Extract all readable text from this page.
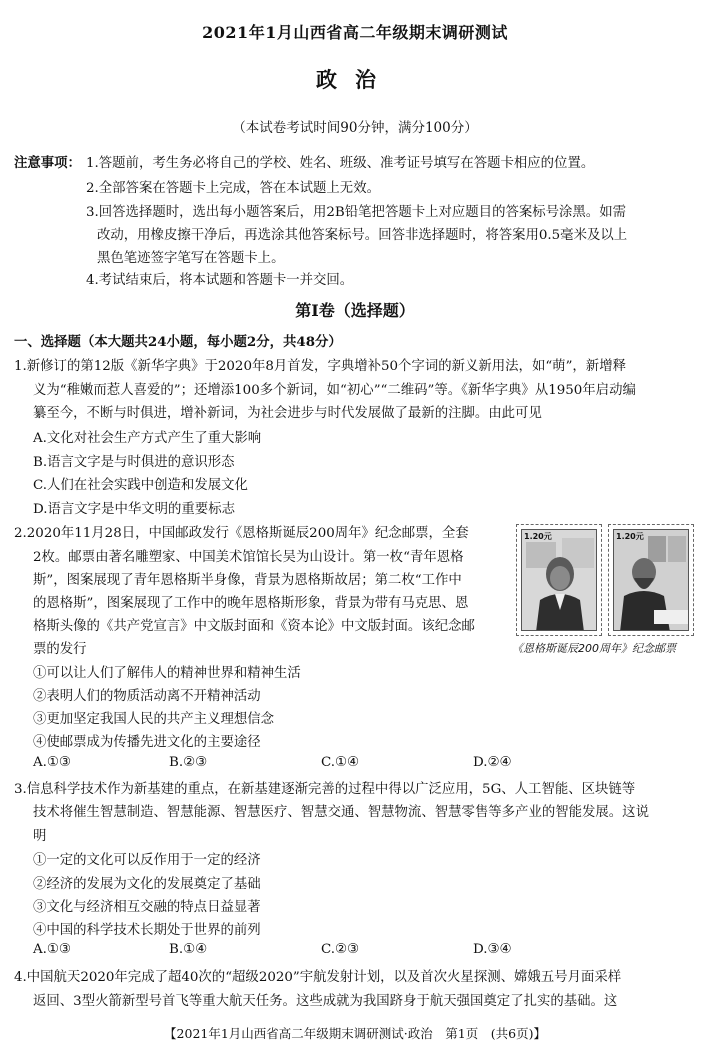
2021年1月山西省高二年级期末调研测试
政治
（本试卷考试时间90分钟，满分100分）
注意事项： 1.答题前，考生务必将自己的学校、姓名、班级、准考证号填写在答题卡相应的位置。
2.全部答案在答题卡上完成，答在本试题上无效。
3.回答选择题时，选出每小题答案后，用2B铅笔把答题卡上对应题目的答案标号涂黑。如需
改动，用橡皮擦干净后，再选涂其他答案标号。回答非选择题时，将答案用0.5毫米及以上
黑色笔迹签字笔写在答题卡上。
4.考试结束后，将本试题和答题卡一并交回。
第Ⅰ卷（选择题）
一、选择题（本大题共24小题，每小题2分，共48分）
1.新修订的第12版《新华字典》于2020年8月首发，字典增补50个字词的新义新用法，如“萌”，新增释
义为“稚嫩而惹人喜爱的”；还增添100多个新词，如“初心”“二维码”等。《新华字典》从1950年启动编
纂至今，不断与时俱进，增补新词，为社会进步与时代发展做了最新的注脚。由此可见
A.文化对社会生产方式产生了重大影响
B.语言文字是与时俱进的意识形态
C.人们在社会实践中创造和发展文化
D.语言文字是中华文明的重要标志
2.2020年11月28日，中国邮政发行《恩格斯诞辰200周年》纪念邮票，全套
2枚。邮票由著名雕塑家、中国美术馆馆长吴为山设计。第一枚“青年恩格
斯”，图案展现了青年恩格斯半身像，背景为恩格斯故居；第二枚“工作中
的恩格斯”，图案展现了工作中的晚年恩格斯形象，背景为带有马克思、恩
格斯头像的《共产党宣言》中文版封面和《资本论》中文版封面。该纪念邮
票的发行
1.20元	1.20元
《恩格斯诞辰200周年》纪念邮票
①可以让人们了解伟人的精神世界和精神生活
②表明人们的物质活动离不开精神活动
③更加坚定我国人民的共产主义理想信念
④使邮票成为传播先进文化的主要途径
A.①③	B.②③	C.①④	D.②④
3.信息科学技术作为新基建的重点，在新基建逐渐完善的过程中得以广泛应用，5G、人工智能、区块链等
技术将催生智慧制造、智慧能源、智慧医疗、智慧交通、智慧物流、智慧零售等多产业的智能发展。这说
明
①一定的文化可以反作用于一定的经济
②经济的发展为文化的发展奠定了基础
③文化与经济相互交融的特点日益显著
④中国的科学技术长期处于世界的前列
A.①③	B.①④	C.②③	D.③④
4.中国航天2020年完成了超40次的“超级2020”宇航发射计划，以及首次火星探测、嫦娥五号月面采样
返回、3型火箭新型号首飞等重大航天任务。这些成就为我国跻身于航天强国奠定了扎实的基础。这
【2021年1月山西省高二年级期末调研测试·政治　第1页　(共6页)】
